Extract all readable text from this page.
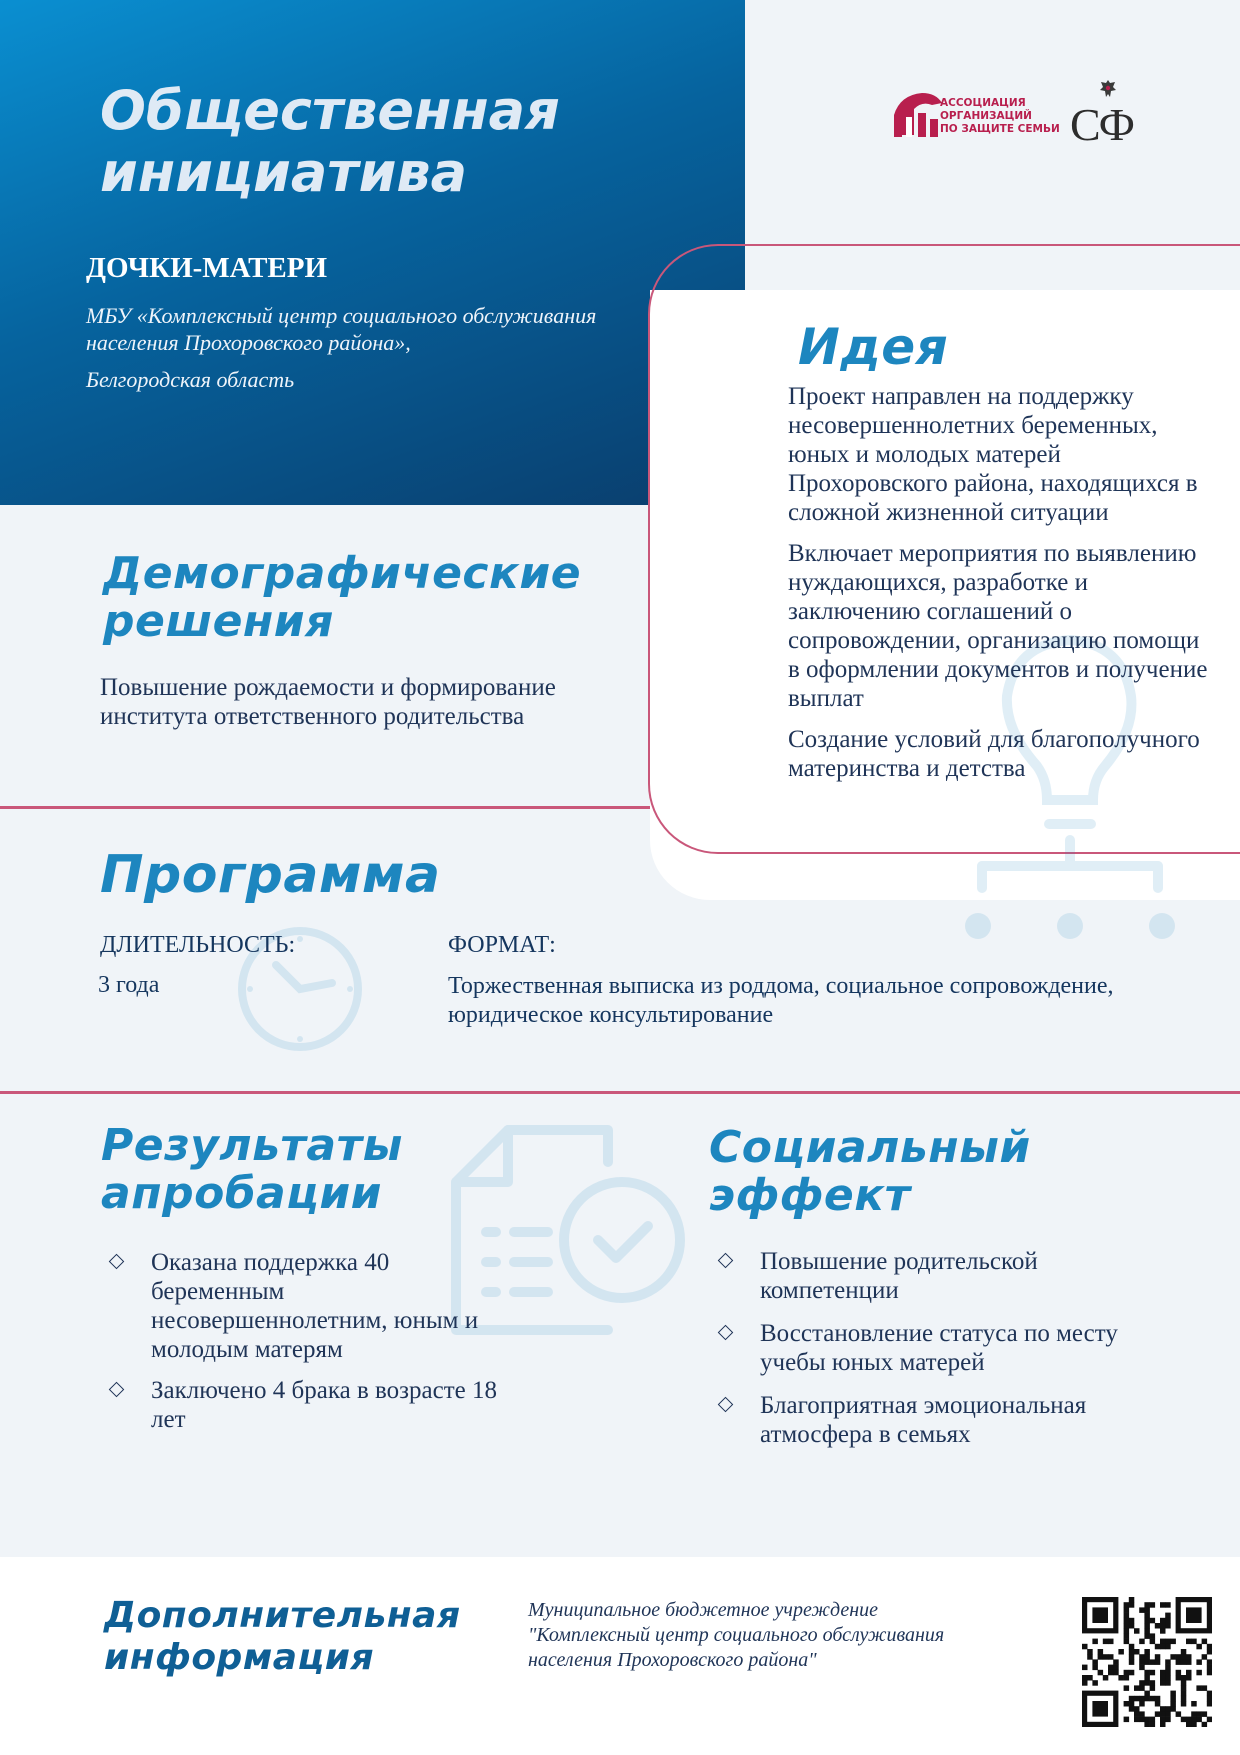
Общественная
инициатива
ДОЧКИ-МАТЕРИ
МБУ «Комплексный центр социального обслуживания населения Прохоровского района»,
Белгородская область
АССОЦИАЦИЯ
ОРГАНИЗАЦИЙ
ПО ЗАЩИТЕ СЕМЬИ СФ
Идея

Проект направлен на поддержку несовершеннолетних беременных, юных и молодых матерей Прохоровского района, находящихся в сложной жизненной ситуации

Включает мероприятия по выявлению нуждающихся, разработке и заключению соглашений о сопровождении, организацию помощи в оформлении документов и получение выплат

Создание условий для благополучного материнства и детства

Демографические
решения
Повышение рождаемости и формирование института ответственного родительства
Программа
ДЛИТЕЛЬНОСТЬ:
3 года
ФОРМАТ:
Торжественная выписка из роддома, социальное сопровождение, юридическое консультирование
Результаты
апробации
Оказана поддержка 40 беременным несовершеннолетним, юным и молодым матерям
Заключено 4 брака в возрасте 18 лет
Социальный
эффект
Повышение родительской компетенции
Восстановление статуса по месту учебы юных матерей
Благоприятная эмоциональная атмосфера в семьях
Дополнительная
информация
Муниципальное бюджетное учреждение "Комплексный центр социального обслуживания населения Прохоровского района"
